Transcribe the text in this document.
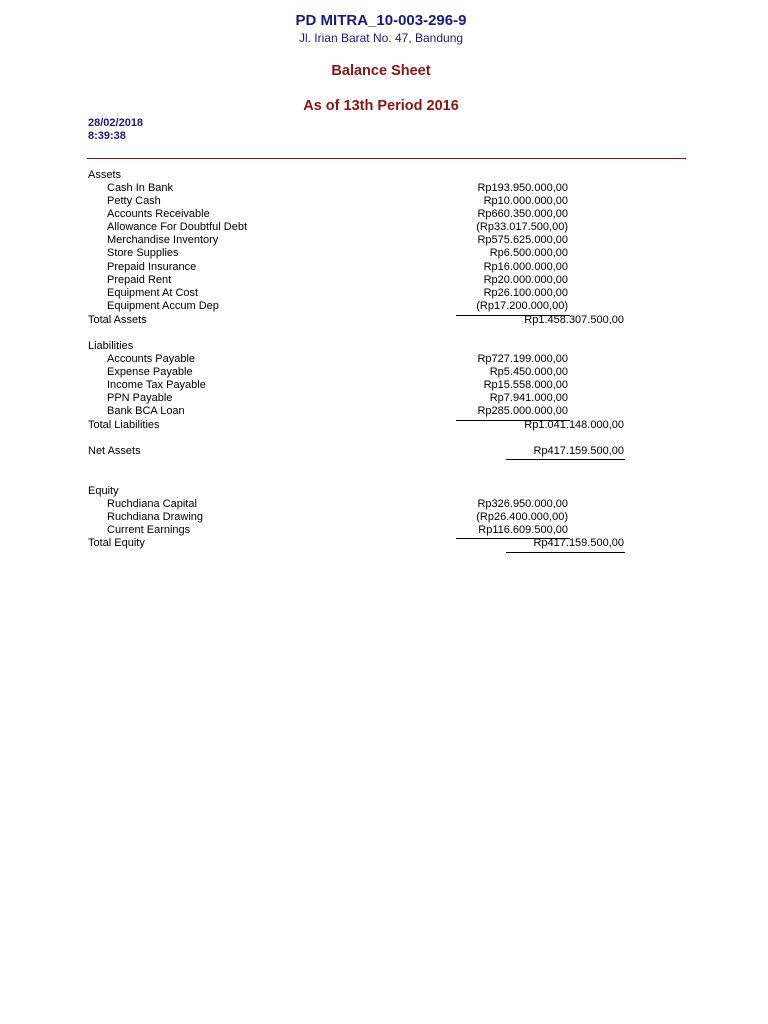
PD MITRA_10-003-296-9
Jl. Irian Barat No. 47, Bandung
Balance Sheet
As of 13th Period 2016
28/02/2018
8:39:38
Assets
Cash In Bank	Rp193.950.000,00
Petty Cash	Rp10.000.000,00
Accounts Receivable	Rp660.350.000,00
Allowance For Doubtful Debt	(Rp33.017.500,00)
Merchandise Inventory	Rp575.625.000,00
Store Supplies	Rp6.500.000,00
Prepaid Insurance	Rp16.000.000,00
Prepaid Rent	Rp20.000.000,00
Equipment At Cost	Rp26.100.000,00
Equipment Accum Dep	(Rp17.200.000,00)
Total Assets	Rp1.458.307.500,00
Liabilities
Accounts Payable	Rp727.199.000,00
Expense Payable	Rp5.450.000,00
Income Tax Payable	Rp15.558.000,00
PPN Payable	Rp7.941.000,00
Bank BCA Loan	Rp285.000.000,00
Total Liabilities	Rp1.041.148.000,00
Net Assets	Rp417.159.500,00
Equity
Ruchdiana Capital	Rp326.950.000,00
Ruchdiana Drawing	(Rp26.400.000,00)
Current Earnings	Rp116.609.500,00
Total Equity	Rp417.159.500,00
